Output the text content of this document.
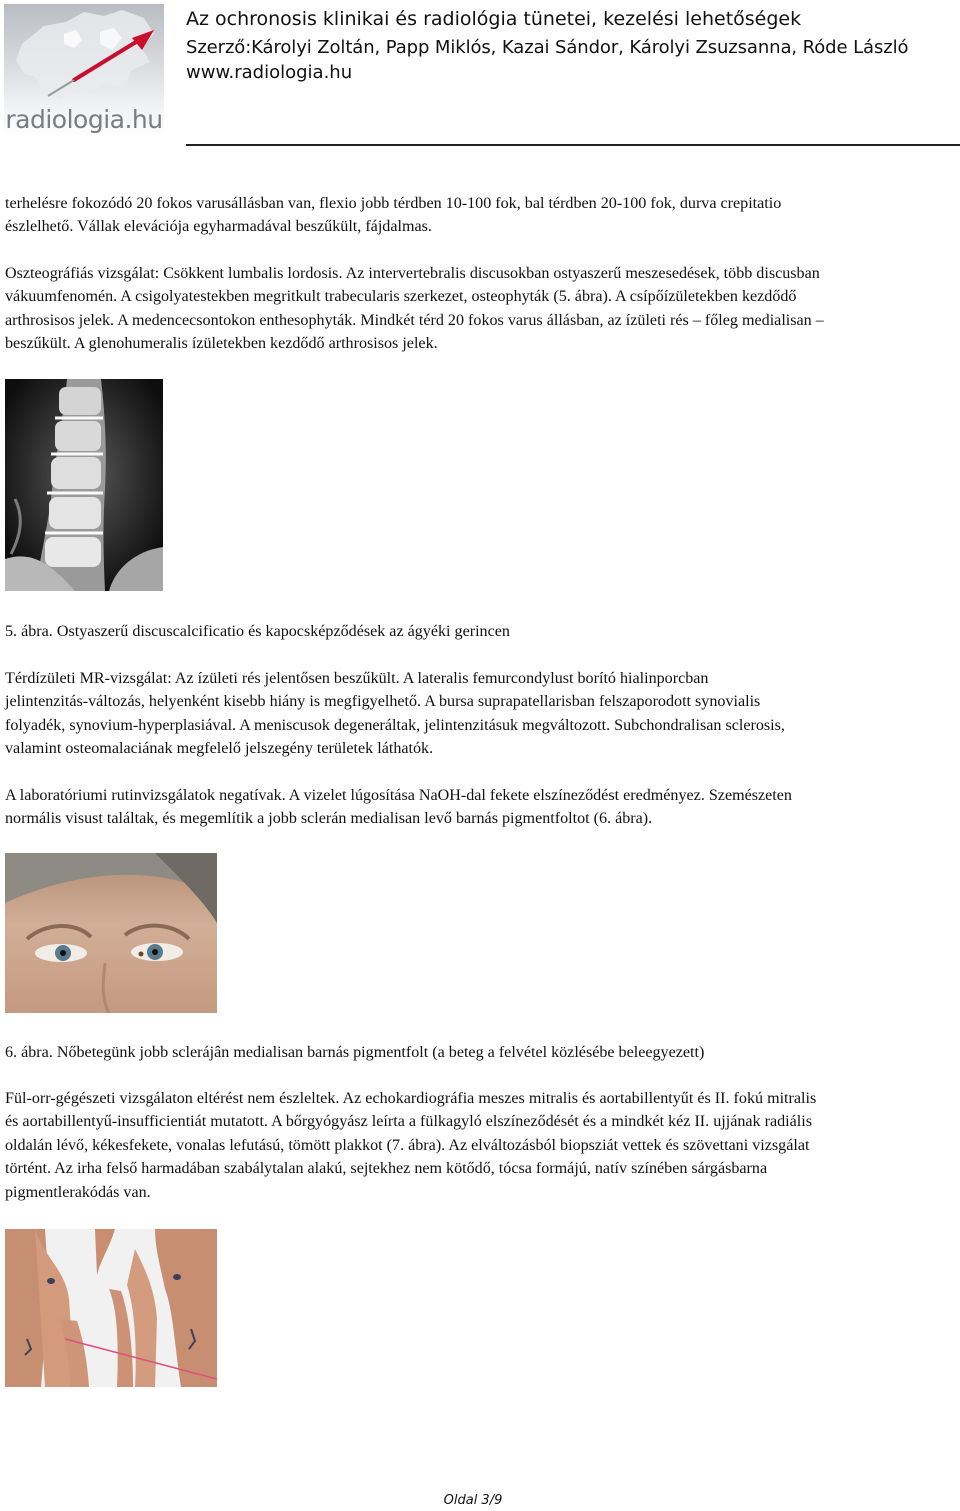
radiologia.hu
Az ochronosis klinikai és radiológia tünetei, kezelési lehetőségek
Szerző:Károlyi Zoltán, Papp Miklós, Kazai Sándor, Károlyi Zsuzsanna, Róde László
www.radiologia.hu
terhelésre fokozódó 20 fokos varusállásban van, flexio jobb térdben 10-100 fok, bal térdben 20-100 fok, durva crepitatio
észlelhető. Vállak elevációja egyharmadával beszűkült, fájdalmas.
Oszteográfiás vizsgálat: Csökkent lumbalis lordosis. Az intervertebralis discusokban ostyaszerű meszesedések, több discusban
vákuumfenomén. A csigolyatestekben megritkult trabecularis szerkezet, osteophyták (5. ábra). A csípőízületekben kezdődő
arthrosisos jelek. A medencecsontokon enthesophyták. Mindkét térd 20 fokos varus állásban, az ízületi rés – főleg medialisan –
beszűkült. A glenohumeralis ízületekben kezdődő arthrosisos jelek.
5. ábra. Ostyaszerű discuscalcificatio és kapocsképződések az ágyéki gerincen
Térdízületi MR-vizsgálat: Az ízületi rés jelentősen beszűkült. A lateralis femurcondylust borító hialinporcban
jelintenzitás-változás, helyenként kisebb hiány is megfigyelhető. A bursa suprapatellarisban felszaporodott synovialis
folyadék, synovium-hyperplasiával. A meniscusok degeneráltak, jelintenzitásuk megváltozott. Subchondralisan sclerosis,
valamint osteomalaciának megfelelő jelszegény területek láthatók.
A laboratóriumi rutinvizsgálatok negatívak. A vizelet lúgosítása NaOH-dal fekete elszíneződést eredményez. Szemészeten
normális visust találtak, és megemlítik a jobb sclerán medialisan levő barnás pigmentfoltot (6. ábra).
6. ábra. Nőbetegünk jobb sclerájân medialisan barnás pigmentfolt (a beteg a felvétel közlésébe beleegyezett)
Fül-orr-gégészeti vizsgálaton eltérést nem észleltek. Az echokardiográfia meszes mitralis és aortabillentyűt és II. fokú mitralis
és aortabillentyű-insufficientiát mutatott. A bőrgyógyász leírta a fülkagyló elszíneződését és a mindkét kéz II. ujjának radiális
oldalán lévő, kékesfekete, vonalas lefutású, tömött plakkot (7. ábra). Az elváltozásból biopsziát vettek és szövettani vizsgálat
történt. Az irha felső harmadában szabálytalan alakú, sejtekhez nem kötődő, tócsa formájú, natív színében sárgásbarna
pigmentlerakódás van.
Oldal 3/9
